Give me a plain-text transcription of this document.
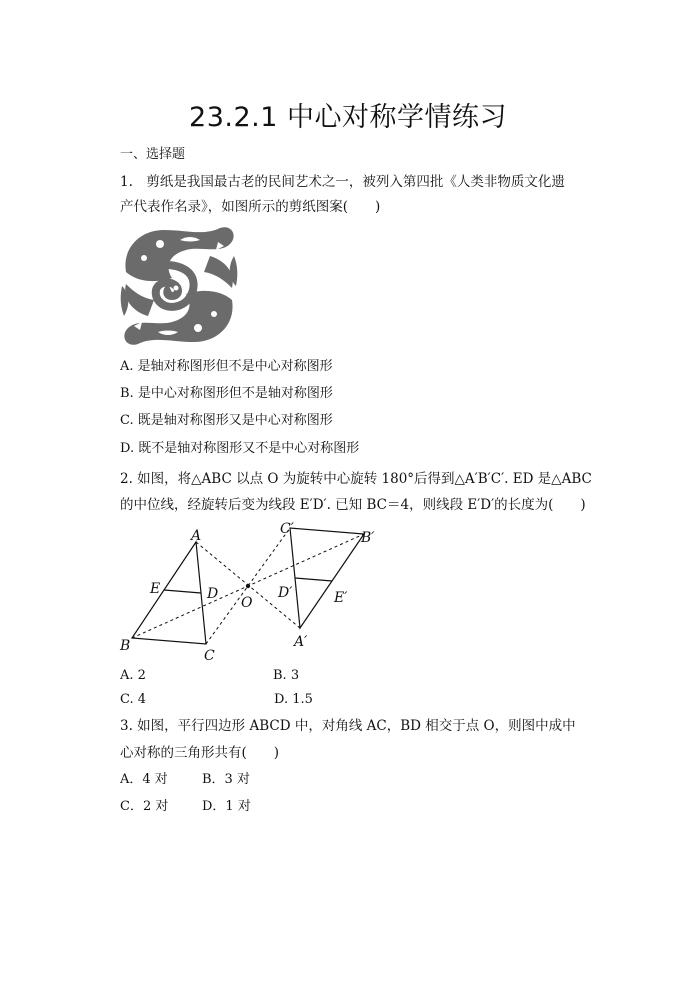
23.2.1 中心对称学情练习
一、选择题
1.　剪纸是我国最古老的民间艺术之一，被列入第四批《人类非物质文化遗
产代表作名录》，如图所示的剪纸图案(　　)
A. 是轴对称图形但不是中心对称图形
B. 是中心对称图形但不是轴对称图形
C. 既是轴对称图形又是中心对称图形
D. 既不是轴对称图形又不是中心对称图形
2. 如图，将△ABC 以点 O 为旋转中心旋转 180°后得到△A′B′C′. ED 是△ABC
的中位线，经旋转后变为线段 E′D′. 已知 BC＝4，则线段 E′D′的长度为(　　)
A
B
C
D
E
O
A′
B′
C′
D′	E′
A. 2	B. 3
C. 4	D. 1.5
3. 如图，平行四边形 ABCD 中，对角线 AC，BD 相交于点 O，则图中成中
心对称的三角形共有(　　)
A．4 对	B．3 对
C．2 对	D．1 对
